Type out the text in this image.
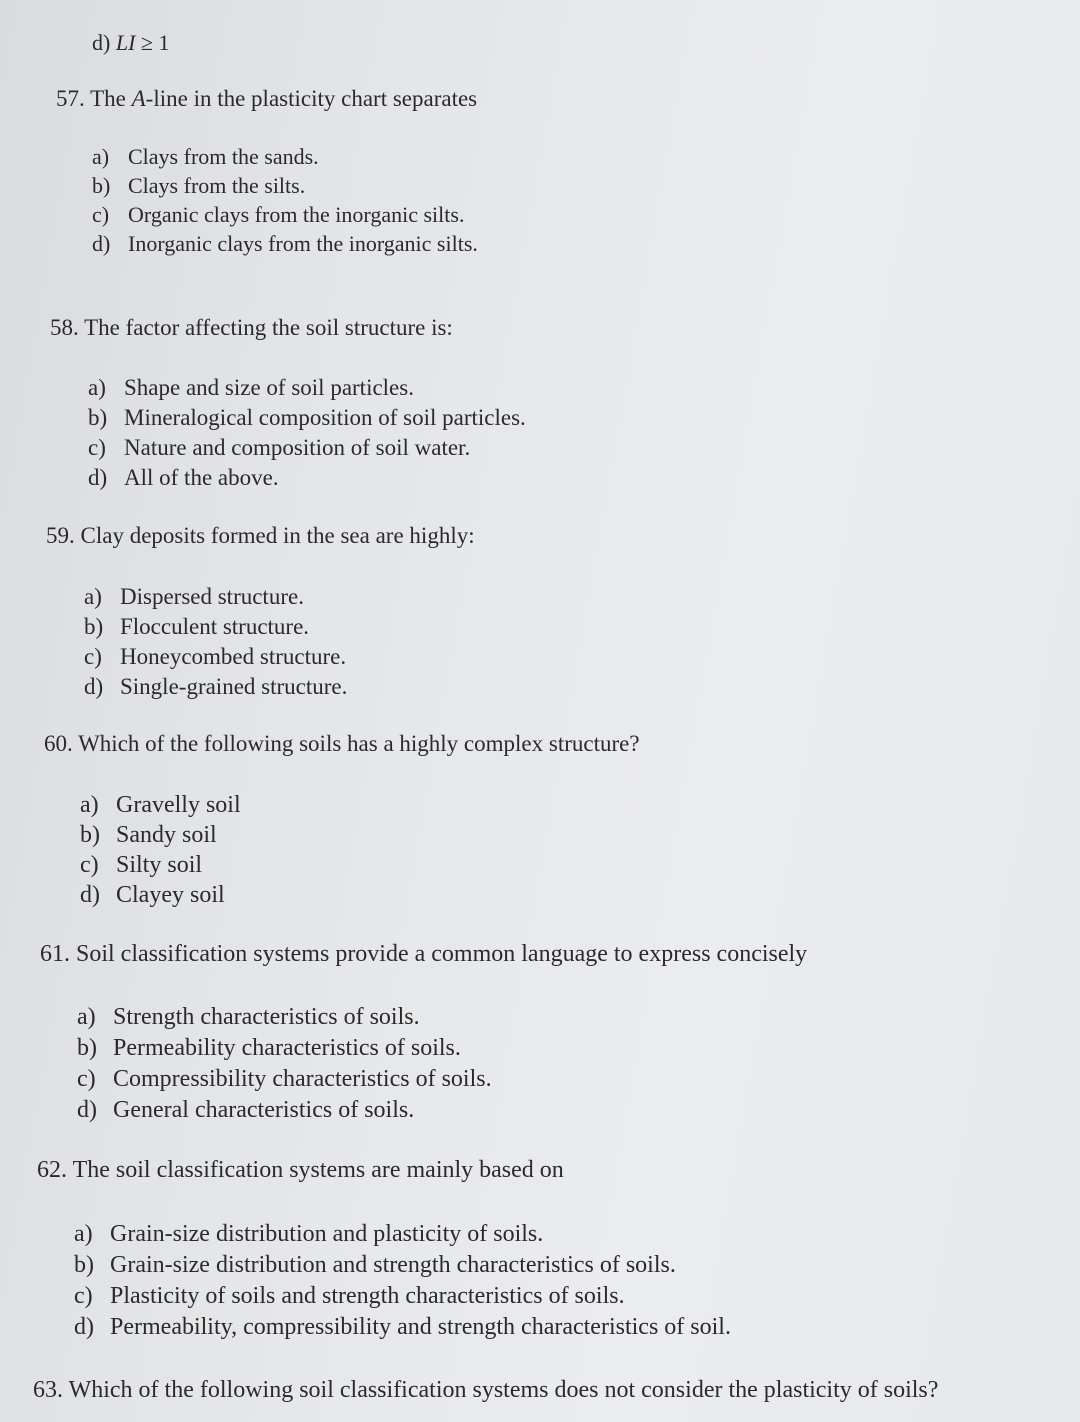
d) LI ≥ 1
57. The A-line in the plasticity chart separates
a) Clays from the sands.
b) Clays from the silts.
c) Organic clays from the inorganic silts.
d) Inorganic clays from the inorganic silts.
58. The factor affecting the soil structure is:
a) Shape and size of soil particles.
b) Mineralogical composition of soil particles.
c) Nature and composition of soil water.
d) All of the above.
59. Clay deposits formed in the sea are highly:
a) Dispersed structure.
b) Flocculent structure.
c) Honeycombed structure.
d) Single-grained structure.
60. Which of the following soils has a highly complex structure?
a) Gravelly soil
b) Sandy soil
c) Silty soil
d) Clayey soil
61. Soil classification systems provide a common language to express concisely
a) Strength characteristics of soils.
b) Permeability characteristics of soils.
c) Compressibility characteristics of soils.
d) General characteristics of soils.
62. The soil classification systems are mainly based on
a) Grain-size distribution and plasticity of soils.
b) Grain-size distribution and strength characteristics of soils.
c) Plasticity of soils and strength characteristics of soils.
d) Permeability, compressibility and strength characteristics of soil.
63. Which of the following soil classification systems does not consider the plasticity of soils?
